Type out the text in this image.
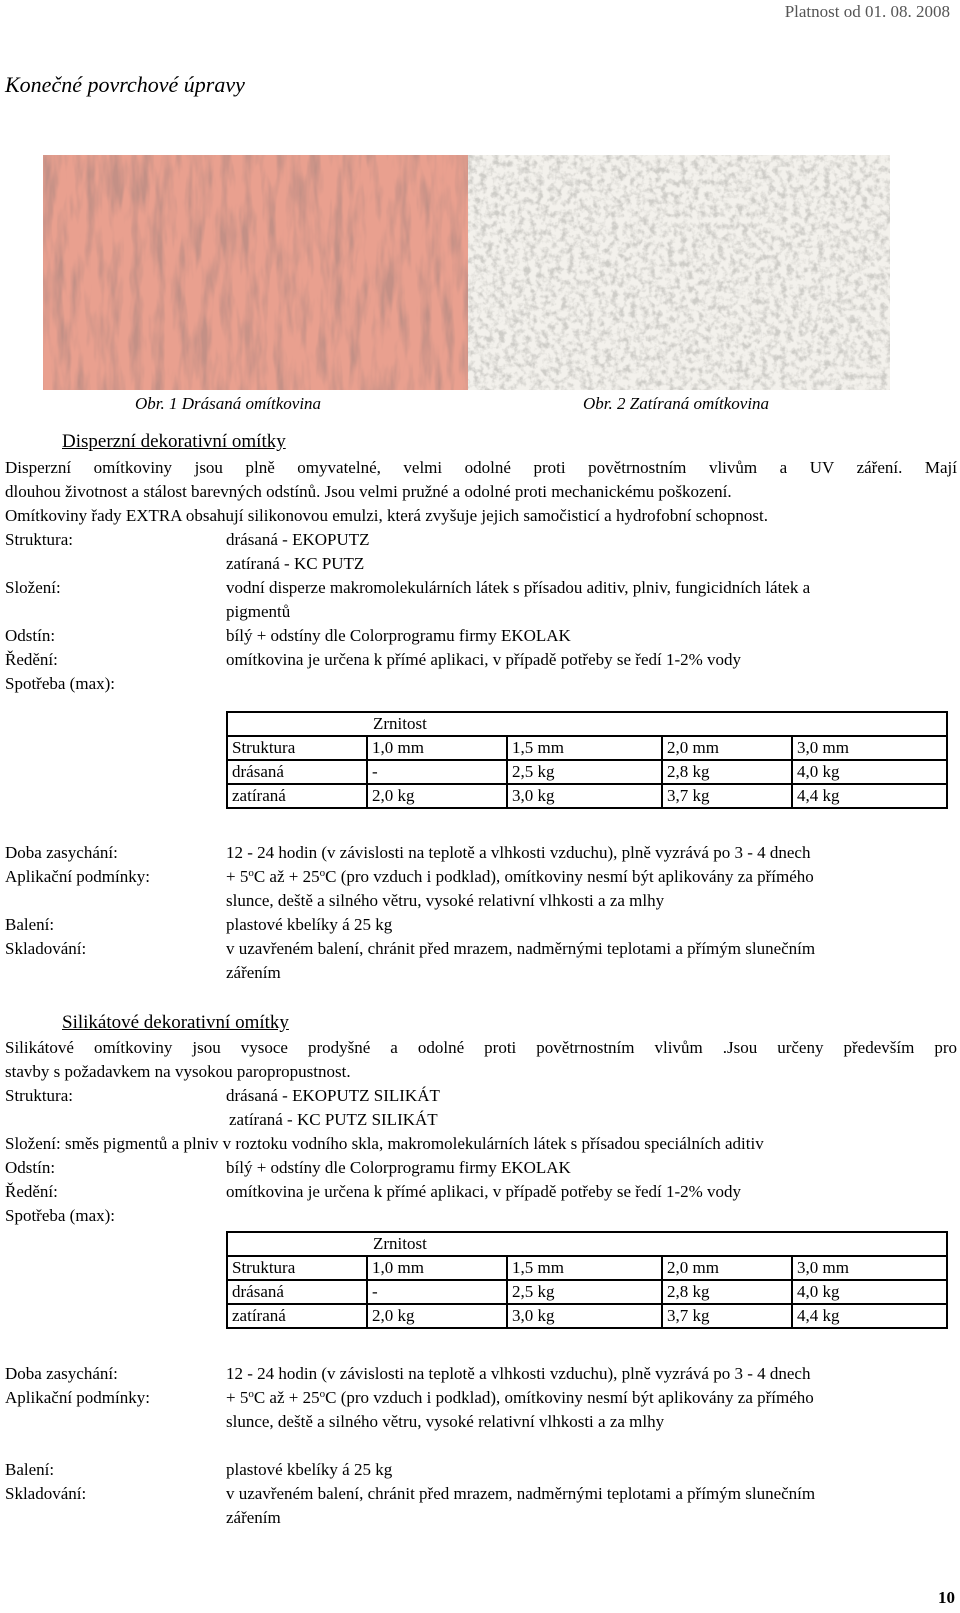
Platnost od 01. 08. 2008
Konečné povrchové úpravy
Obr. 1 Drásaná omítkovina	Obr. 2 Zatíraná omítkovina
Disperzní dekorativní omítky
Disperzní omítkoviny jsou plně omyvatelné, velmi odolné proti povětrnostním vlivům a UV záření. Mají
dlouhou životnost a stálost barevných odstínů. Jsou velmi pružné a odolné proti mechanickému poškození.
Omítkoviny řady EXTRA obsahují silikonovou emulzi, která zvyšuje jejich samočisticí a hydrofobní schopnost.
Struktura:	drásaná - EKOPUTZ
zatíraná - KC PUTZ
Složení:	vodní disperze makromolekulárních látek s přísadou aditiv, plniv, fungicidních látek a
pigmentů
Odstín:	bílý + odstíny dle Colorprogramu firmy EKOLAK
Ředění:	omítkovina je určena k přímé aplikaci, v případě potřeby se ředí 1-2% vody
Spotřeba (max):
Zrnitost				
Struktura	1,0 mm	1,5 mm	2,0 mm	3,0 mm
drásaná	-	2,5 kg	2,8 kg	4,0 kg
zatíraná	2,0 kg	3,0 kg	3,7 kg	4,4 kg
Doba zasychání:	12 - 24 hodin (v závislosti na teplotě a vlhkosti vzduchu), plně vyzrává po 3 - 4 dnech
Aplikační podmínky:	+ $5^oC$ až + $25^oC$ (pro vzduch i podklad), omítkoviny nesmí být aplikovány za přímého
slunce, deště a silného větru, vysoké relativní vlhkosti a za mlhy
Balení:	plastové kbelíky á 25 kg
Skladování:	v uzavřeném balení, chránit před mrazem, nadměrnými teplotami a přímým slunečním
zářením
Silikátové dekorativní omítky
Silikátové omítkoviny jsou vysoce prodyšné a odolné proti povětrnostním vlivům .Jsou určeny především pro
stavby s požadavkem na vysokou paropropustnost.
Struktura:	drásaná - EKOPUTZ SILIKÁT
zatíraná - KC PUTZ SILIKÁT
Složení: směs pigmentů a plniv v roztoku vodního skla, makromolekulárních látek s přísadou speciálních aditiv
Odstín:	bílý + odstíny dle Colorprogramu firmy EKOLAK
Ředění:	omítkovina je určena k přímé aplikaci, v případě potřeby se ředí 1-2% vody
Spotřeba (max):
Zrnitost				
Struktura	1,0 mm	1,5 mm	2,0 mm	3,0 mm
drásaná	-	2,5 kg	2,8 kg	4,0 kg
zatíraná	2,0 kg	3,0 kg	3,7 kg	4,4 kg
Doba zasychání:	12 - 24 hodin (v závislosti na teplotě a vlhkosti vzduchu), plně vyzrává po 3 - 4 dnech
Aplikační podmínky:	+ $5^oC$ až + $25^oC$ (pro vzduch i podklad), omítkoviny nesmí být aplikovány za přímého
slunce, deště a silného větru, vysoké relativní vlhkosti a za mlhy
Balení:	plastové kbelíky á 25 kg
Skladování:	v uzavřeném balení, chránit před mrazem, nadměrnými teplotami a přímým slunečním
zářením
10
